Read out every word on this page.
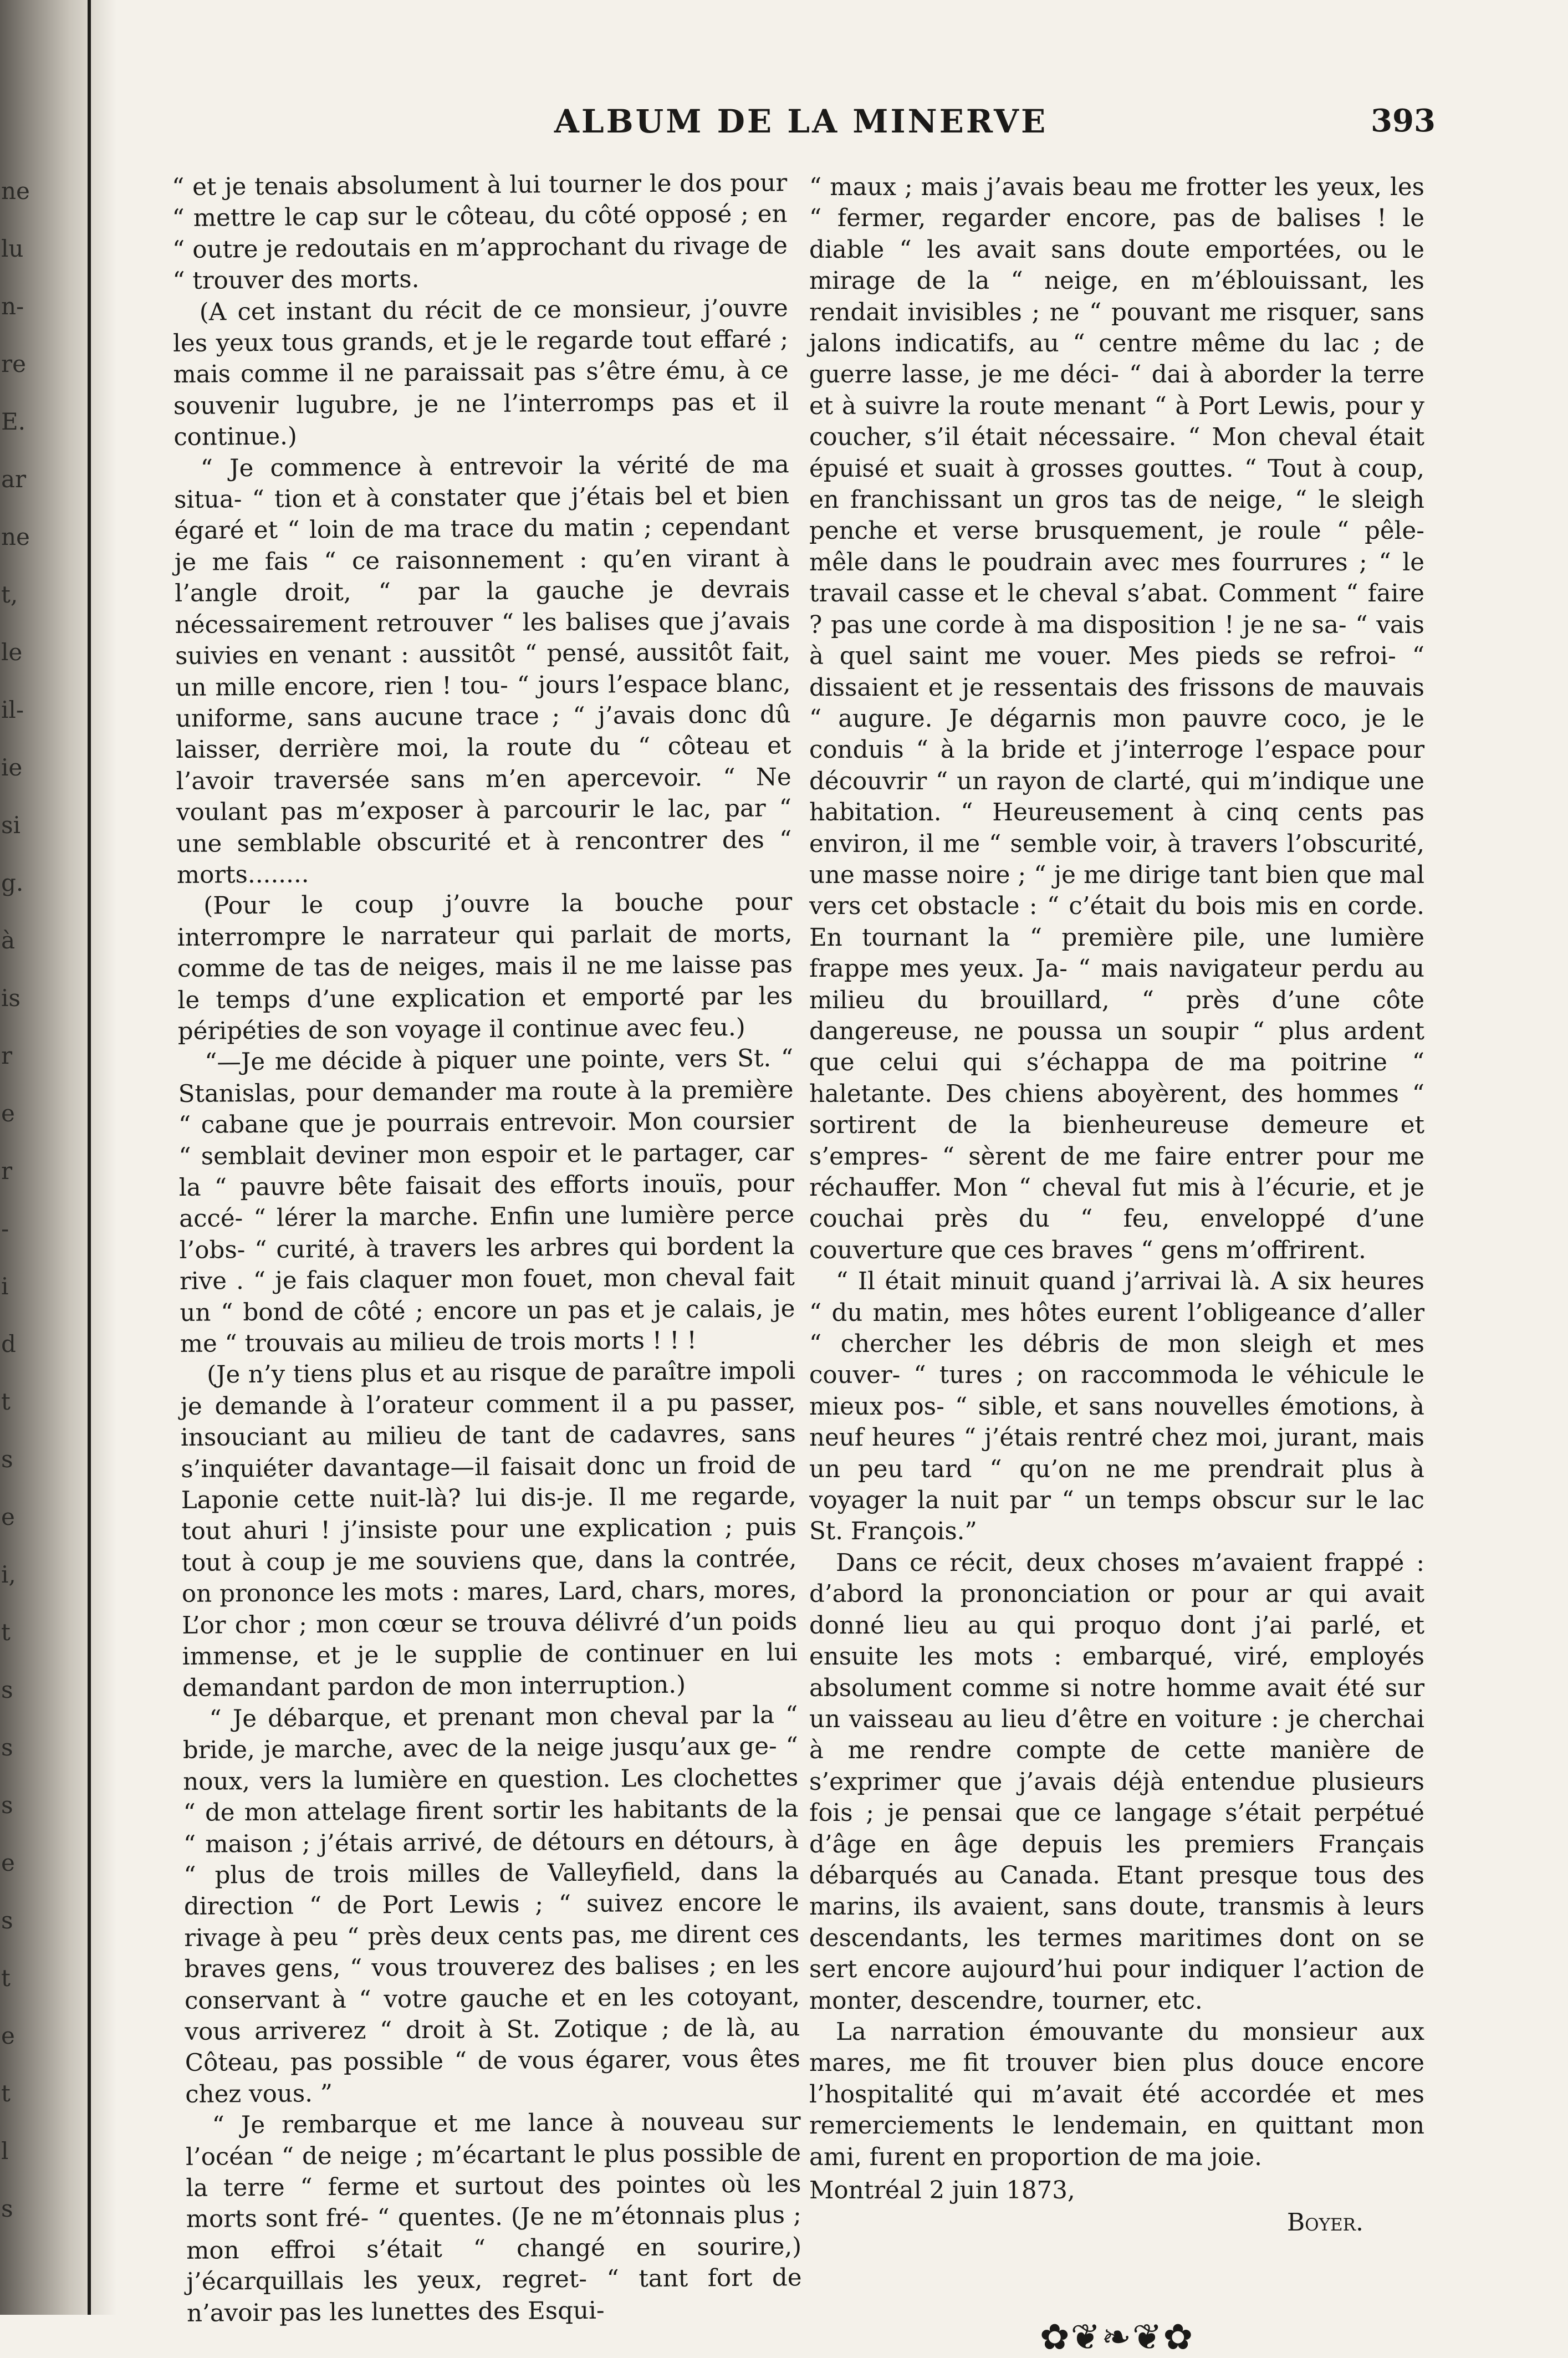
ne
lu
n-
re
E.
ar
ne
t,
le
il-
ie
si
g.
à
is
r
e
r
-
i
d
t
s
e
i,
t
s
s
s
e
s
t
e
t
l
s
ALBUM DE LA MINERVE	393

“ et je tenais absolument à lui tourner le dos pour “ mettre le cap sur le côteau, du côté opposé ; en “ outre je redoutais en m’approchant du rivage de “ trouver des morts.

(A cet instant du récit de ce monsieur, j’ouvre les yeux tous grands, et je le regarde tout effaré ; mais comme il ne paraissait pas s’être ému, à ce souvenir lugubre, je ne l’interromps pas et il continue.)

“ Je commence à entrevoir la vérité de ma situa- “ tion et à constater que j’étais bel et bien égaré et “ loin de ma trace du matin ; cependant je me fais “ ce raisonnement : qu’en virant à l’angle droit, “ par la gauche je devrais nécessairement retrouver “ les balises que j’avais suivies en venant : aussitôt “ pensé, aussitôt fait, un mille encore, rien ! tou- “ jours l’espace blanc, uniforme, sans aucune trace ; “ j’avais donc dû laisser, derrière moi, la route du “ côteau et l’avoir traversée sans m’en apercevoir. “ Ne voulant pas m’exposer à parcourir le lac, par “ une semblable obscurité et à rencontrer des “ morts........

(Pour le coup j’ouvre la bouche pour interrompre le narrateur qui parlait de morts, comme de tas de neiges, mais il ne me laisse pas le temps d’une explication et emporté par les péripéties de son voyage il continue avec feu.)

“—Je me décide à piquer une pointe, vers St. “ Stanislas, pour demander ma route à la première “ cabane que je pourrais entrevoir. Mon coursier “ semblait deviner mon espoir et le partager, car la “ pauvre bête faisait des efforts inouïs, pour accé- “ lérer la marche. Enfin une lumière perce l’obs- “ curité, à travers les arbres qui bordent la rive . “ je fais claquer mon fouet, mon cheval fait un “ bond de côté ; encore un pas et je calais, je me “ trouvais au milieu de trois morts ! ! !

(Je n’y tiens plus et au risque de paraître impoli je demande à l’orateur comment il a pu passer, insouciant au milieu de tant de cadavres, sans s’inquiéter davantage—il faisait donc un froid de Laponie cette nuit-là? lui dis-je. Il me regarde, tout ahuri ! j’insiste pour une explication ; puis tout à coup je me souviens que, dans la contrée, on prononce les mots : mares, Lard, chars, mores, L’or chor ; mon cœur se trouva délivré d’un poids immense, et je le supplie de continuer en lui demandant pardon de mon interruption.)

“ Je débarque, et prenant mon cheval par la “ bride, je marche, avec de la neige jusqu’aux ge- “ noux, vers la lumière en question. Les clochettes “ de mon attelage firent sortir les habitants de la “ maison ; j’étais arrivé, de détours en détours, à “ plus de trois milles de Valleyfield, dans la direction “ de Port Lewis ; “ suivez encore le rivage à peu “ près deux cents pas, me dirent ces braves gens, “ vous trouverez des balises ; en les conservant à “ votre gauche et en les cotoyant, vous arriverez “ droit à St. Zotique ; de là, au Côteau, pas possible “ de vous égarer, vous êtes chez vous. ”

“ Je rembarque et me lance à nouveau sur l’océan “ de neige ; m’écartant le plus possible de la terre “ ferme et surtout des pointes où les morts sont fré- “ quentes. (Je ne m’étonnais plus ; mon effroi s’était “ changé en sourire,) j’écarquillais les yeux, regret- “ tant fort de n’avoir pas les lunettes des Esqui-

“ maux ; mais j’avais beau me frotter les yeux, les “ fermer, regarder encore, pas de balises ! le diable “ les avait sans doute emportées, ou le mirage de la “ neige, en m’éblouissant, les rendait invisibles ; ne “ pouvant me risquer, sans jalons indicatifs, au “ centre même du lac ; de guerre lasse, je me déci- “ dai à aborder la terre et à suivre la route menant “ à Port Lewis, pour y coucher, s’il était nécessaire. “ Mon cheval était épuisé et suait à grosses gouttes. “ Tout à coup, en franchissant un gros tas de neige, “ le sleigh penche et verse brusquement, je roule “ pêle-mêle dans le poudrain avec mes fourrures ; “ le travail casse et le cheval s’abat. Comment “ faire ? pas une corde à ma disposition ! je ne sa- “ vais à quel saint me vouer. Mes pieds se refroi- “ dissaient et je ressentais des frissons de mauvais “ augure. Je dégarnis mon pauvre coco, je le conduis “ à la bride et j’interroge l’espace pour découvrir “ un rayon de clarté, qui m’indique une habitation. “ Heureusement à cinq cents pas environ, il me “ semble voir, à travers l’obscurité, une masse noire ; “ je me dirige tant bien que mal vers cet obstacle : “ c’était du bois mis en corde. En tournant la “ première pile, une lumière frappe mes yeux. Ja- “ mais navigateur perdu au milieu du brouillard, “ près d’une côte dangereuse, ne poussa un soupir “ plus ardent que celui qui s’échappa de ma poitrine “ haletante. Des chiens aboyèrent, des hommes “ sortirent de la bienheureuse demeure et s’empres- “ sèrent de me faire entrer pour me réchauffer. Mon “ cheval fut mis à l’écurie, et je couchai près du “ feu, enveloppé d’une couverture que ces braves “ gens m’offrirent.

“ Il était minuit quand j’arrivai là. A six heures “ du matin, mes hôtes eurent l’obligeance d’aller “ chercher les débris de mon sleigh et mes couver- “ tures ; on raccommoda le véhicule le mieux pos- “ sible, et sans nouvelles émotions, à neuf heures “ j’étais rentré chez moi, jurant, mais un peu tard “ qu’on ne me prendrait plus à voyager la nuit par “ un temps obscur sur le lac St. François.”

Dans ce récit, deux choses m’avaient frappé : d’abord la prononciation or pour ar qui avait donné lieu au qui proquo dont j’ai parlé, et ensuite les mots : embarqué, viré, employés absolument comme si notre homme avait été sur un vaisseau au lieu d’être en voiture : je cherchai à me rendre compte de cette manière de s’exprimer que j’avais déjà entendue plusieurs fois ; je pensai que ce langage s’était perpétué d’âge en âge depuis les premiers Français débarqués au Canada. Etant presque tous des marins, ils avaient, sans doute, transmis à leurs descendants, les termes maritimes dont on se sert encore aujourd’hui pour indiquer l’action de monter, descendre, tourner, etc.

La narration émouvante du monsieur aux mares, me fit trouver bien plus douce encore l’hospitalité qui m’avait été accordée et mes remerciements le lendemain, en quittant mon ami, furent en proportion de ma joie.

Montréal 2 juin 1873,
Boyer.
✿❦❧❦✿
